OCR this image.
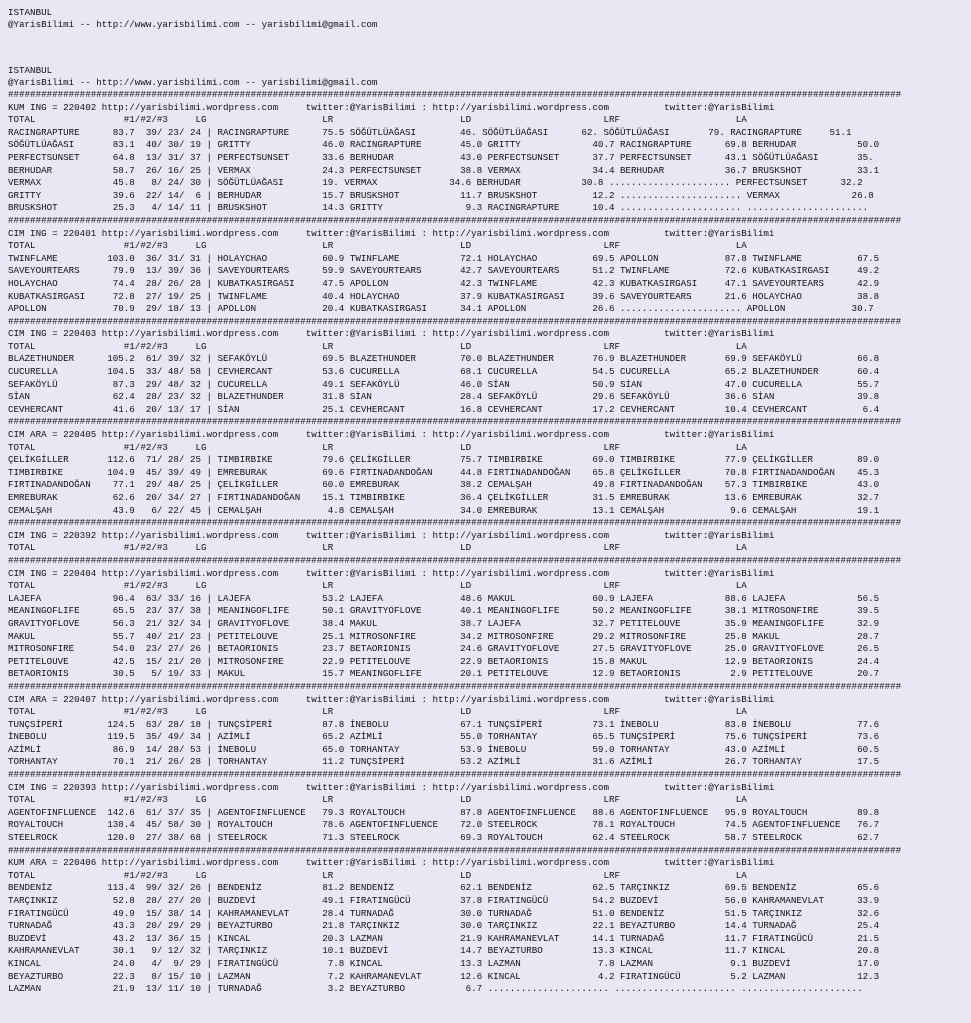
ISTANBUL
@YarisBilimi -- http://www.yarisbilimi.com -- yarisbilimi@gmail.com
ISTANBUL
@YarisBilimi -- http://www.yarisbilimi.com -- yarisbilimi@gmail.com
##################################################################################################################################################################
KUM ING = 220402 http://yarisbilimi.wordpress.com     twitter:@YarisBilimi : http://yarisbilimi.wordpress.com          twitter:@YarisBilimi
TOTAL                #1/#2/#3     LG                     LR                       LD                        LRF                     LA
RACINGRAPTURE      83.7  39/ 23/ 24 | RACINGRAPTURE      75.5 SÖĞÜTLÜAĞASI        46. SÖĞÜTLÜAĞASI      62. SÖĞÜTLÜAĞASI       79. RACINGRAPTURE     51.1
SÖĞÜTLÜAĞASI       83.1  40/ 30/ 19 | GRITTY             46.0 RACINGRAPTURE       45.0 GRITTY             40.7 RACINGRAPTURE      69.8 BERHUDAR           50.0
PERFECTSUNSET      64.8  13/ 31/ 37 | PERFECTSUNSET      33.6 BERHUDAR            43.0 PERFECTSUNSET      37.7 PERFECTSUNSET      43.1 SÖĞÜTLÜAĞASI       35.
BERHUDAR           58.7  26/ 16/ 25 | VERMAX             24.3 PERFECTSUNSET       38.8 VERMAX             34.4 BERHUDAR           36.7 BRUSKSHOT          33.1
VERMAX             45.8   8/ 24/ 30 | SÖĞÜTLÜAĞASI       19. VERMAX             34.6 BERHUDAR           30.8 ...................... PERFECTSUNSET      32.2
GRITTY             39.6  22/ 14/  6 | BERHUDAR           15.7 BRUSKSHOT           11.7 BRUSKSHOT          12.2 ...................... VERMAX             26.8
BRUSKSHOT          25.3   4/ 14/ 11 | BRUSKSHOT          14.3 GRITTY               9.3 RACINGRAPTURE      10.4 ...................... ......................
##################################################################################################################################################################
CIM ING = 220401 http://yarisbilimi.wordpress.com     twitter:@YarisBilimi : http://yarisbilimi.wordpress.com          twitter:@YarisBilimi
TOTAL                #1/#2/#3     LG                     LR                       LD                        LRF                     LA
TWINFLAME         103.0  36/ 31/ 31 | HOLAYCHAO          60.9 TWINFLAME           72.1 HOLAYCHAO          69.5 APOLLON            87.8 TWINFLAME          67.5
SAVEYOURTEARS      79.9  13/ 39/ 36 | SAVEYOURTEARS      59.9 SAVEYOURTEARS       42.7 SAVEYOURTEARS      51.2 TWINFLAME          72.6 KUBATKASIRGASI     49.2
HOLAYCHAO          74.4  28/ 26/ 28 | KUBATKASIRGASI     47.5 APOLLON             42.3 TWINFLAME          42.3 KUBATKASIRGASI     47.1 SAVEYOURTEARS      42.9
KUBATKASIRGASI     72.8  27/ 19/ 25 | TWINFLAME          40.4 HOLAYCHAO           37.9 KUBATKASIRGASI     39.6 SAVEYOURTEARS      21.6 HOLAYCHAO          38.8
APOLLON            70.9  29/ 18/ 13 | APOLLON            20.4 KUBATKASIRGASI      34.1 APOLLON            26.6 ...................... APOLLON            30.7
##################################################################################################################################################################
CIM ING = 220403 http://yarisbilimi.wordpress.com     twitter:@YarisBilimi : http://yarisbilimi.wordpress.com          twitter:@YarisBilimi
TOTAL                #1/#2/#3     LG                     LR                       LD                        LRF                     LA
BLAZETHUNDER      105.2  61/ 39/ 32 | SEFAKÖYLÜ          69.5 BLAZETHUNDER        70.0 BLAZETHUNDER       76.9 BLAZETHUNDER       69.9 SEFAKÖYLÜ          66.8
CUCURELLA         104.5  33/ 48/ 58 | CEVHERCANT         53.6 CUCURELLA           68.1 CUCURELLA          54.5 CUCURELLA          65.2 BLAZETHUNDER       60.4
SEFAKÖYLÜ          87.3  29/ 48/ 32 | CUCURELLA          49.1 SEFAKÖYLÜ           46.0 SİAN               50.9 SİAN               47.0 CUCURELLA          55.7
SİAN               62.4  28/ 23/ 32 | BLAZETHUNDER       31.8 SİAN                28.4 SEFAKÖYLÜ          29.6 SEFAKÖYLÜ          36.6 SİAN               39.8
CEVHERCANT         41.6  20/ 13/ 17 | SİAN               25.1 CEVHERCANT          16.8 CEVHERCANT         17.2 CEVHERCANT         10.4 CEVHERCANT          6.4
##################################################################################################################################################################
CIM ARA = 220405 http://yarisbilimi.wordpress.com     twitter:@YarisBilimi : http://yarisbilimi.wordpress.com          twitter:@YarisBilimi
TOTAL                #1/#2/#3     LG                     LR                       LD                        LRF                     LA
ÇELİKGİLLER       112.6  71/ 28/ 25 | TIMBIRBIKE         79.6 ÇELİKGİLLER         75.7 TIMBIRBIKE         69.0 TIMBIRBIKE         77.9 ÇELİKGİLLER        89.0
TIMBIRBIKE        104.9  45/ 39/ 49 | EMREBURAK          69.6 FIRTINADANDOĞAN     44.8 FIRTINADANDOĞAN    65.8 ÇELİKGİLLER        70.8 FIRTINADANDOĞAN    45.3
FIRTINADANDOĞAN    77.1  29/ 48/ 25 | ÇELİKGİLLER        60.0 EMREBURAK           38.2 CEMALŞAH           49.8 FIRTINADANDOĞAN    57.3 TIMBIRBIKE         43.0
EMREBURAK          62.6  20/ 34/ 27 | FIRTINADANDOĞAN    15.1 TIMBIRBIKE          36.4 ÇELİKGİLLER        31.5 EMREBURAK          13.6 EMREBURAK          32.7
CEMALŞAH           43.9   6/ 22/ 45 | CEMALŞAH            4.8 CEMALŞAH            34.0 EMREBURAK          13.1 CEMALŞAH            9.6 CEMALŞAH           19.1
##################################################################################################################################################################
CIM ING = 220392 http://yarisbilimi.wordpress.com     twitter:@YarisBilimi : http://yarisbilimi.wordpress.com          twitter:@YarisBilimi
TOTAL                #1/#2/#3     LG                     LR                       LD                        LRF                     LA
##################################################################################################################################################################
CIM ING = 220404 http://yarisbilimi.wordpress.com     twitter:@YarisBilimi : http://yarisbilimi.wordpress.com          twitter:@YarisBilimi
TOTAL                #1/#2/#3     LG                     LR                       LD                        LRF                     LA
LAJEFA             96.4  63/ 33/ 16 | LAJEFA             53.2 LAJEFA              48.6 MAKUL              60.9 LAJEFA             88.6 LAJEFA             56.5
MEANINGOFLIFE      65.5  23/ 37/ 38 | MEANINGOFLIFE      50.1 GRAVITYOFLOVE       40.1 MEANINGOFLIFE      50.2 MEANINGOFLIFE      38.1 MITROSONFIRE       39.5
GRAVITYOFLOVE      56.3  21/ 32/ 34 | GRAVITYOFLOVE      38.4 MAKUL               38.7 LAJEFA             32.7 PETITELOUVE        35.9 MEANINGOFLIFE      32.9
MAKUL              55.7  40/ 21/ 23 | PETITELOUVE        25.1 MITROSONFIRE        34.2 MITROSONFIRE       29.2 MITROSONFIRE       25.8 MAKUL              28.7
MITROSONFIRE       54.0  23/ 27/ 26 | BETAORIONIS        23.7 BETAORIONIS         24.6 GRAVITYOFLOVE      27.5 GRAVITYOFLOVE      25.0 GRAVITYOFLOVE      26.5
PETITELOUVE        42.5  15/ 21/ 20 | MITROSONFIRE       22.9 PETITELOUVE         22.9 BETAORIONIS        15.8 MAKUL              12.9 BETAORIONIS        24.4
BETAORIONIS        30.5   5/ 19/ 33 | MAKUL              15.7 MEANINGOFLIFE       20.1 PETITELOUVE        12.9 BETAORIONIS         2.9 PETITELOUVE        20.7
##################################################################################################################################################################
CIM ARA = 220407 http://yarisbilimi.wordpress.com     twitter:@YarisBilimi : http://yarisbilimi.wordpress.com          twitter:@YarisBilimi
TOTAL                #1/#2/#3     LG                     LR                       LD                        LRF                     LA
TUNÇSİPERİ        124.5  63/ 28/ 18 | TUNÇSİPERİ         87.8 İNEBOLU             67.1 TUNÇSİPERİ         73.1 İNEBOLU            83.8 İNEBOLU            77.6
İNEBOLU           119.5  35/ 49/ 34 | AZİMLİ             65.2 AZİMLİ              55.0 TORHANTAY          65.5 TUNÇSİPERİ         75.6 TUNÇSİPERİ         73.6
AZİMLİ             86.9  14/ 28/ 53 | İNEBOLU            65.0 TORHANTAY           53.9 İNEBOLU            59.0 TORHANTAY          43.0 AZİMLİ             60.5
TORHANTAY          70.1  21/ 26/ 28 | TORHANTAY          11.2 TUNÇSİPERİ          53.2 AZİMLİ             31.6 AZİMLİ             26.7 TORHANTAY          17.5
##################################################################################################################################################################
CIM ING = 220393 http://yarisbilimi.wordpress.com     twitter:@YarisBilimi : http://yarisbilimi.wordpress.com          twitter:@YarisBilimi
TOTAL                #1/#2/#3     LG                     LR                       LD                        LRF                     LA
AGENTOFINFLUENCE  142.6  61/ 37/ 35 | AGENTOFINFLUENCE   79.3 ROYALTOUCH          87.8 AGENTOFINFLUENCE   88.6 AGENTOFINFLUENCE   95.9 ROYALTOUCH         89.8
ROYALTOUCH        138.4  45/ 58/ 30 | ROYALTOUCH         78.6 AGENTOFINFLUENCE    72.0 STEELROCK          78.1 ROYALTOUCH         74.5 AGENTOFINFLUENCE   76.7
STEELROCK         120.0  27/ 38/ 68 | STEELROCK          71.3 STEELROCK           69.3 ROYALTOUCH         62.4 STEELROCK          58.7 STEELROCK          62.7
##################################################################################################################################################################
KUM ARA = 220406 http://yarisbilimi.wordpress.com     twitter:@YarisBilimi : http://yarisbilimi.wordpress.com          twitter:@YarisBilimi
TOTAL                #1/#2/#3     LG                     LR                       LD                        LRF                     LA
BENDENİZ          113.4  99/ 32/ 26 | BENDENİZ           81.2 BENDENİZ            62.1 BENDENİZ           62.5 TARÇINKIZ          69.5 BENDENİZ           65.6
TARÇINKIZ          52.8  28/ 27/ 20 | BUZDEVİ            49.1 FIRATINGÜCÜ         37.8 FIRATINGÜCÜ        54.2 BUZDEVİ            56.0 KAHRAMANEVLAT      33.9
FIRATINGÜCÜ        49.9  15/ 38/ 14 | KAHRAMANEVLAT      28.4 TURNADAĞ            30.0 TURNADAĞ           51.0 BENDENİZ           51.5 TARÇINKIZ          32.6
TURNADAĞ           43.3  20/ 29/ 29 | BEYAZTURBO         21.8 TARÇINKIZ           30.0 TARÇINKIZ          22.1 BEYAZTURBO         14.4 TURNADAĞ           25.4
BUZDEVİ            43.2  13/ 36/ 15 | KINCAL             20.3 LAZMAN              21.9 KAHRAMANEVLAT      14.1 TURNADAĞ           11.7 FIRATINGÜCÜ        21.5
KAHRAMANEVLAT      30.1   9/ 12/ 32 | TARÇINKIZ          10.1 BUZDEVİ             14.7 BEYAZTURBO         13.3 KINCAL             11.7 KINCAL             20.8
KINCAL             24.0   4/  9/ 29 | FIRATINGÜCÜ         7.8 KINCAL              13.3 LAZMAN              7.8 LAZMAN              9.1 BUZDEVİ            17.0
BEYAZTURBO         22.3   8/ 15/ 10 | LAZMAN              7.2 KAHRAMANEVLAT       12.6 KINCAL              4.2 FIRATINGÜCÜ         5.2 LAZMAN             12.3
LAZMAN             21.9  13/ 11/ 10 | TURNADAĞ            3.2 BEYAZTURBO           6.7 ...................... ...................... ......................
